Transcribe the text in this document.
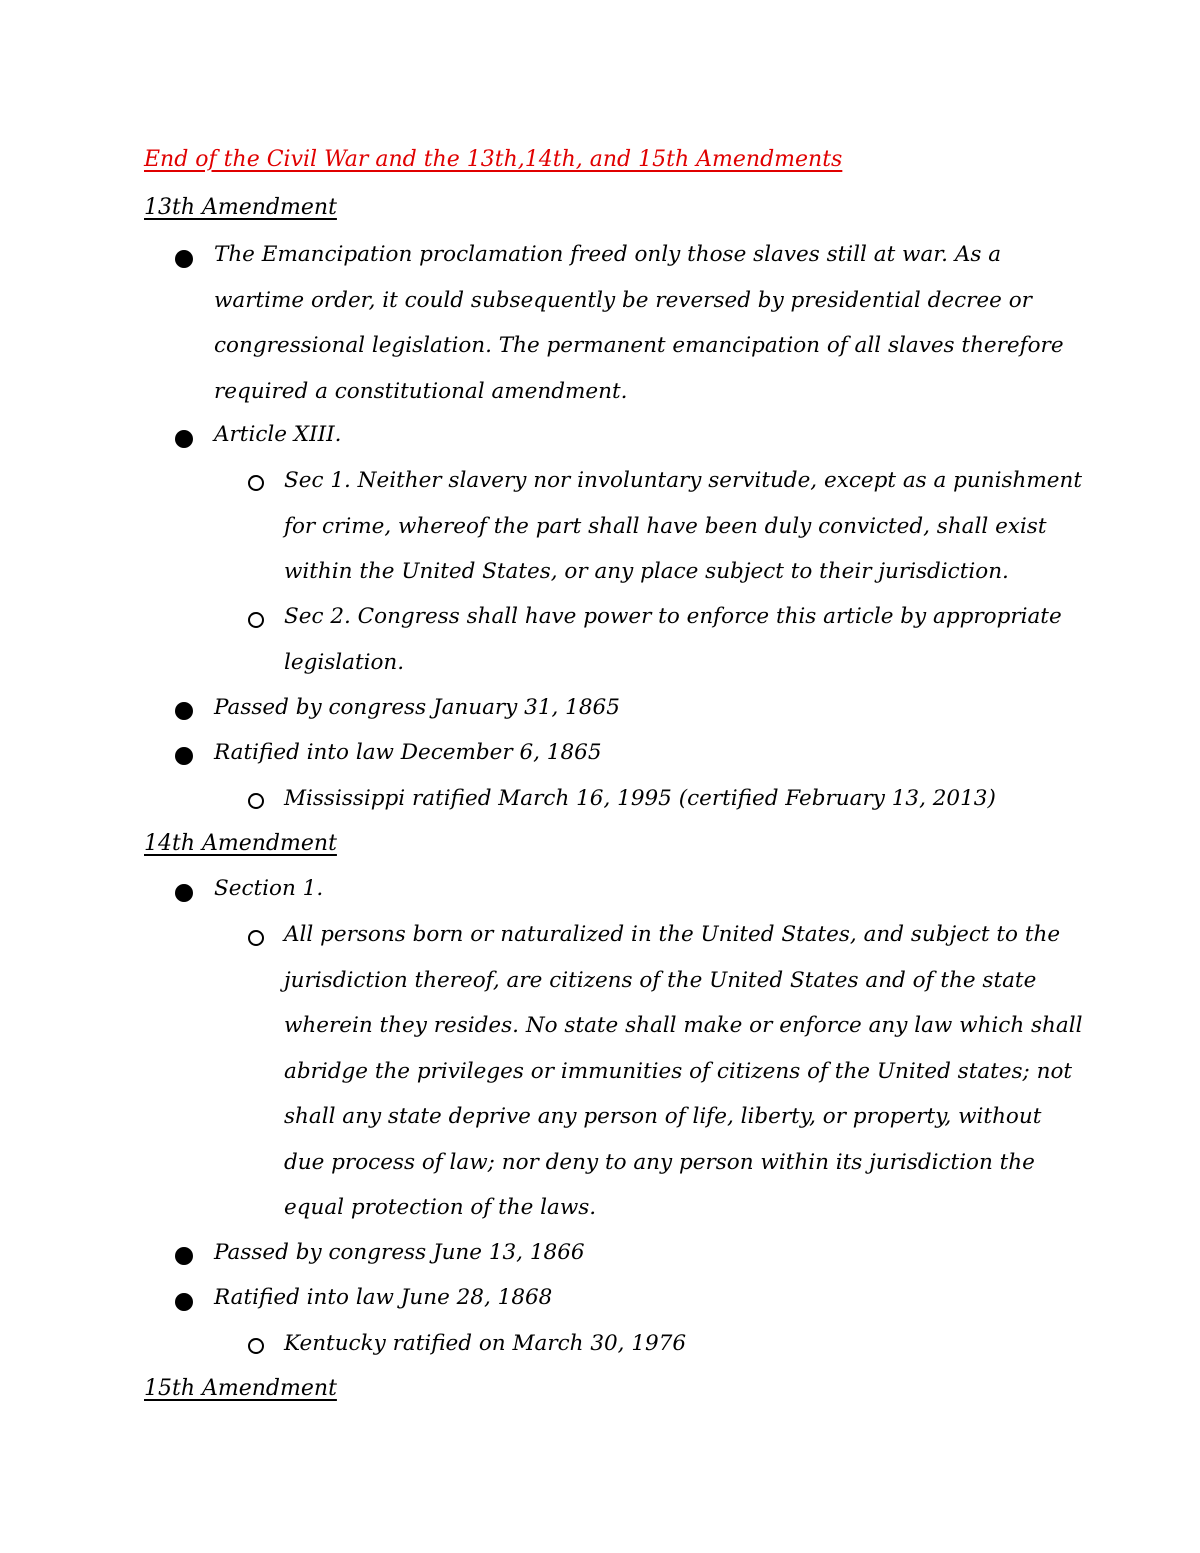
End of the Civil War and the 13th,14th, and 15th Amendments
13th Amendment
The Emancipation proclamation freed only those slaves still at war. As a wartime order, it could subsequently be reversed by presidential decree or congressional legislation. The permanent emancipation of all slaves therefore required a constitutional amendment.
Article XIII.
Sec 1. Neither slavery nor involuntary servitude, except as a punishment for crime, whereof the part shall have been duly convicted, shall exist within the United States, or any place subject to their jurisdiction.
Sec 2. Congress shall have power to enforce this article by appropriate legislation.
Passed by congress January 31, 1865
Ratified into law December 6, 1865
Mississippi ratified March 16, 1995 (certified February 13, 2013)
14th Amendment
Section 1.
All persons born or naturalized in the United States, and subject to the jurisdiction thereof, are citizens of the United States and of the state wherein they resides. No state shall make or enforce any law which shall abridge the privileges or immunities of citizens of the United states; not shall any state deprive any person of life, liberty, or property, without due process of law; nor deny to any person within its jurisdiction the equal protection of the laws.
Passed by congress June 13, 1866
Ratified into law June 28, 1868
Kentucky ratified on March 30, 1976
15th Amendment
